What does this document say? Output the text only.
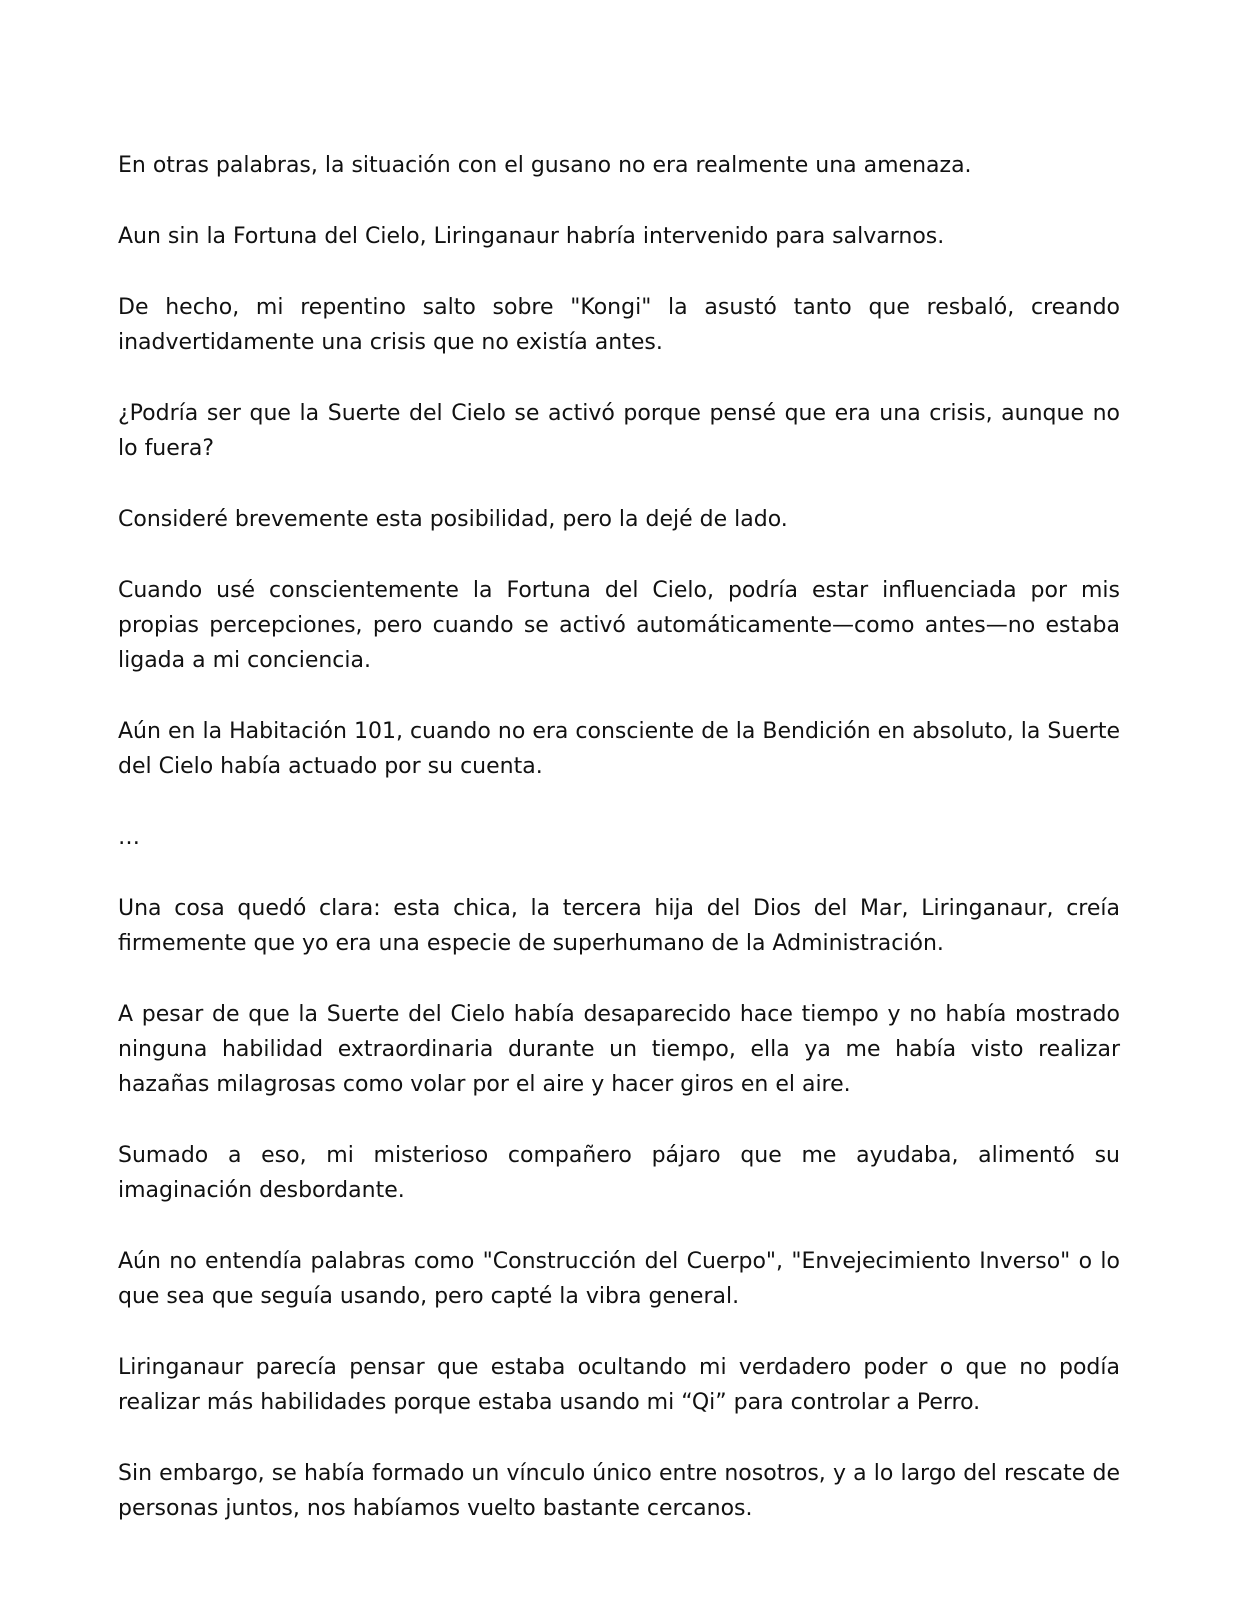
En otras palabras, la situación con el gusano no era realmente una amenaza.

Aun sin la Fortuna del Cielo, Liringanaur habría intervenido para salvarnos.

De hecho, mi repentino salto sobre "Kongi" la asustó tanto que resbaló, creando inadvertidamente una crisis que no existía antes.

¿Podría ser que la Suerte del Cielo se activó porque pensé que era una crisis, aunque no lo fuera?

Consideré brevemente esta posibilidad, pero la dejé de lado.

Cuando usé conscientemente la Fortuna del Cielo, podría estar influenciada por mis propias percepciones, pero cuando se activó automáticamente—como antes—no estaba ligada a mi conciencia.

Aún en la Habitación 101, cuando no era consciente de la Bendición en absoluto, la Suerte del Cielo había actuado por su cuenta.

…

Una cosa quedó clara: esta chica, la tercera hija del Dios del Mar, Liringanaur, creía firmemente que yo era una especie de superhumano de la Administración.

A pesar de que la Suerte del Cielo había desaparecido hace tiempo y no había mostrado ninguna habilidad extraordinaria durante un tiempo, ella ya me había visto realizar hazañas milagrosas como volar por el aire y hacer giros en el aire.

Sumado a eso, mi misterioso compañero pájaro que me ayudaba, alimentó su imaginación desbordante.

Aún no entendía palabras como "Construcción del Cuerpo", "Envejecimiento Inverso" o lo que sea que seguía usando, pero capté la vibra general.

Liringanaur parecía pensar que estaba ocultando mi verdadero poder o que no podía realizar más habilidades porque estaba usando mi “Qi” para controlar a Perro.

Sin embargo, se había formado un vínculo único entre nosotros, y a lo largo del rescate de personas juntos, nos habíamos vuelto bastante cercanos.
